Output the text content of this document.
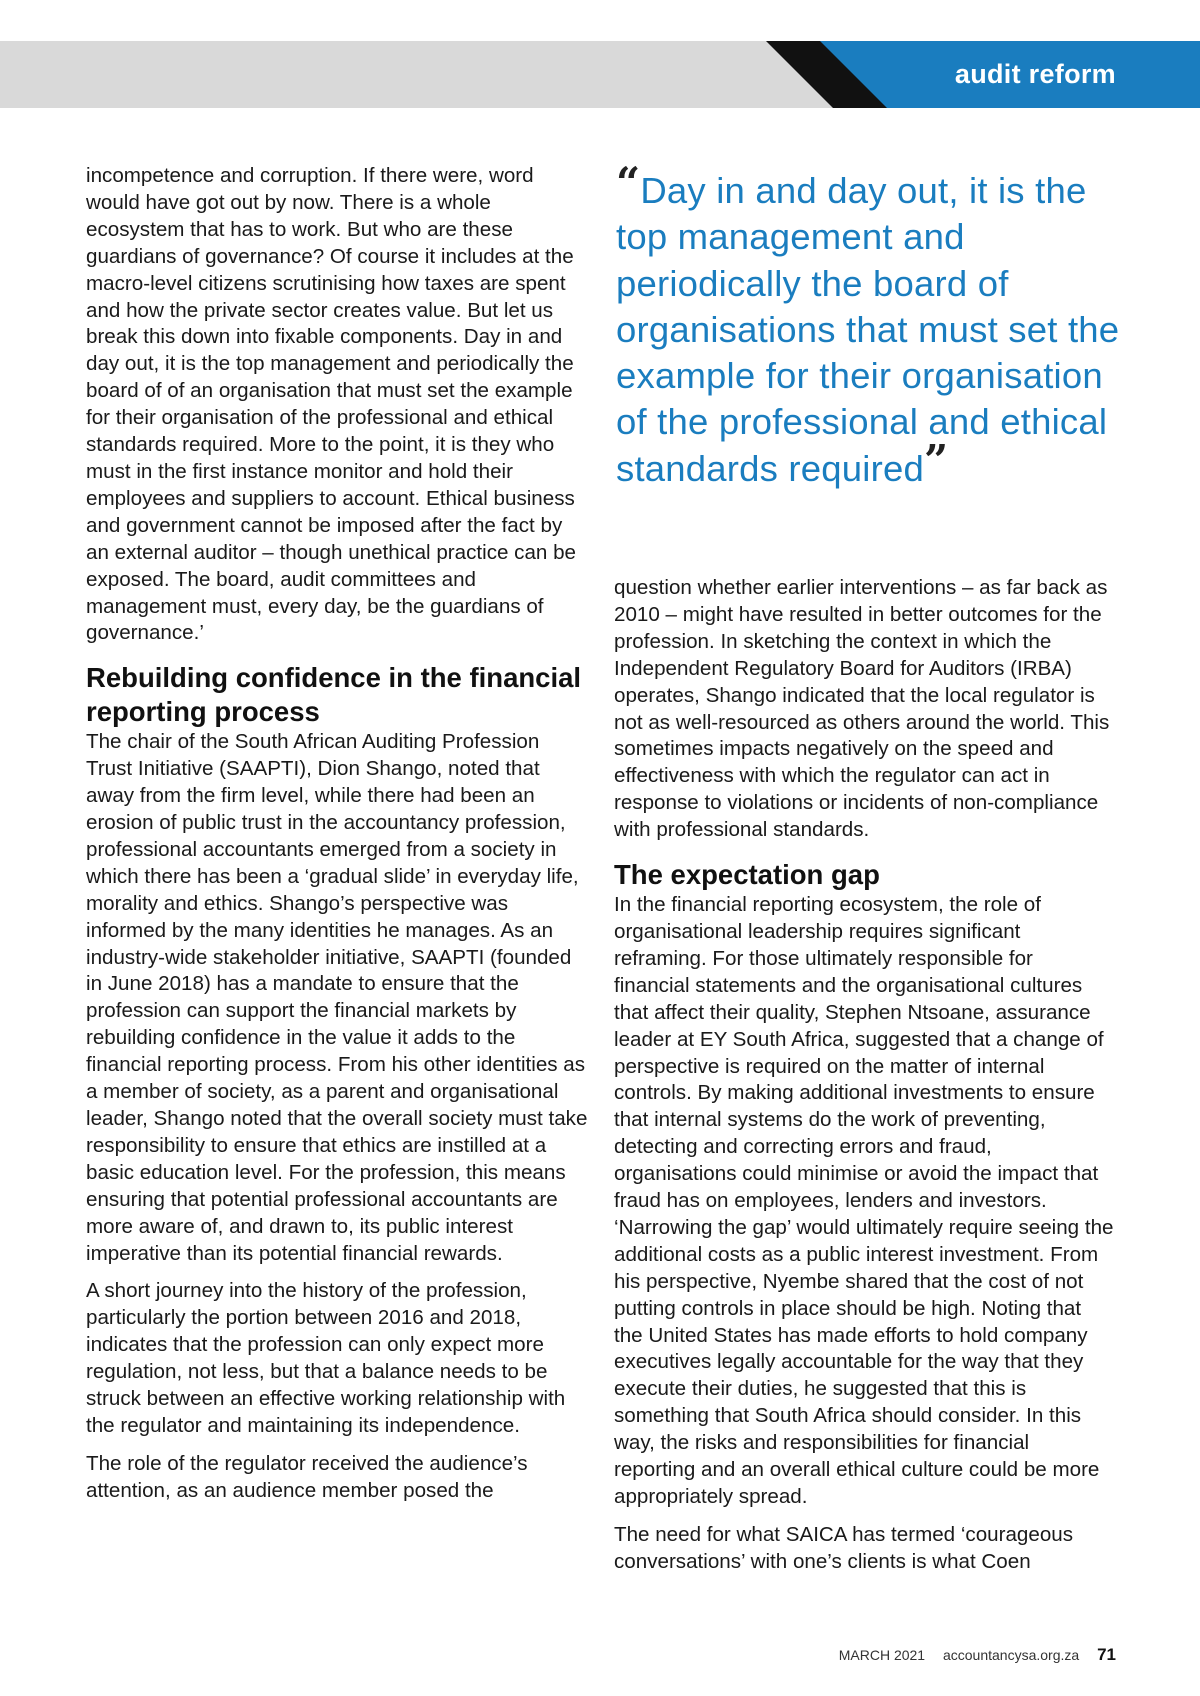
audit reform

incompetence and corruption. If there were, word would have got out by now. There is a whole ecosystem that has to work. But who are these guardians of governance? Of course it includes at the macro-level citizens scrutinising how taxes are spent and how the private sector creates value. But let us break this down into fixable components. Day in and day out, it is the top management and periodically the board of of an organisation that must set the example for their organisation of the professional and ethical standards required. More to the point, it is they who must in the first instance monitor and hold their employees and suppliers to account. Ethical business and government cannot be imposed after the fact by an external auditor – though unethical practice can be exposed. The board, audit committees and management must, every day, be the guardians of governance.’

Rebuilding confidence in the financial reporting process

The chair of the South African Auditing Profession Trust Initiative (SAAPTI), Dion Shango, noted that away from the firm level, while there had been an erosion of public trust in the accountancy profession, professional accountants emerged from a society in which there has been a ‘gradual slide’ in everyday life, morality and ethics. Shango’s perspective was informed by the many identities he manages. As an industry-wide stakeholder initiative, SAAPTI (founded in June 2018) has a mandate to ensure that the profession can support the financial markets by rebuilding confidence in the value it adds to the financial reporting process. From his other identities as a member of society, as a parent and organisational leader, Shango noted that the overall society must take responsibility to ensure that ethics are instilled at a basic education level. For the profession, this means ensuring that potential professional accountants are more aware of, and drawn to, its public interest imperative than its potential financial rewards.

A short journey into the history of the profession, particularly the portion between 2016 and 2018, indicates that the profession can only expect more regulation, not less, but that a balance needs to be struck between an effective working relationship with the regulator and maintaining its independence.

The role of the regulator received the audience’s attention, as an audience member posed the

“Day in and day out, it is the top management and periodically the board of organisations that must set the example for their organisation of the professional and ethical standards required”

question whether earlier interventions – as far back as 2010 – might have resulted in better outcomes for the profession. In sketching the context in which the Independent Regulatory Board for Auditors (IRBA) operates, Shango indicated that the local regulator is not as well-resourced as others around the world. This sometimes impacts negatively on the speed and effectiveness with which the regulator can act in response to violations or incidents of non-compliance with professional standards.

The expectation gap

In the financial reporting ecosystem, the role of organisational leadership requires significant reframing. For those ultimately responsible for financial statements and the organisational cultures that affect their quality, Stephen Ntsoane, assurance leader at EY South Africa, suggested that a change of perspective is required on the matter of internal controls. By making additional investments to ensure that internal systems do the work of preventing, detecting and correcting errors and fraud, organisations could minimise or avoid the impact that fraud has on employees, lenders and investors. ‘Narrowing the gap’ would ultimately require seeing the additional costs as a public interest investment. From his perspective, Nyembe shared that the cost of not putting controls in place should be high. Noting that the United States has made efforts to hold company executives legally accountable for the way that they execute their duties, he suggested that this is something that South Africa should consider. In this way, the risks and responsibilities for financial reporting and an overall ethical culture could be more appropriately spread.

The need for what SAICA has termed ‘courageous conversations’ with one’s clients is what Coen

MARCH 2021 accountancysa.org.za 71
